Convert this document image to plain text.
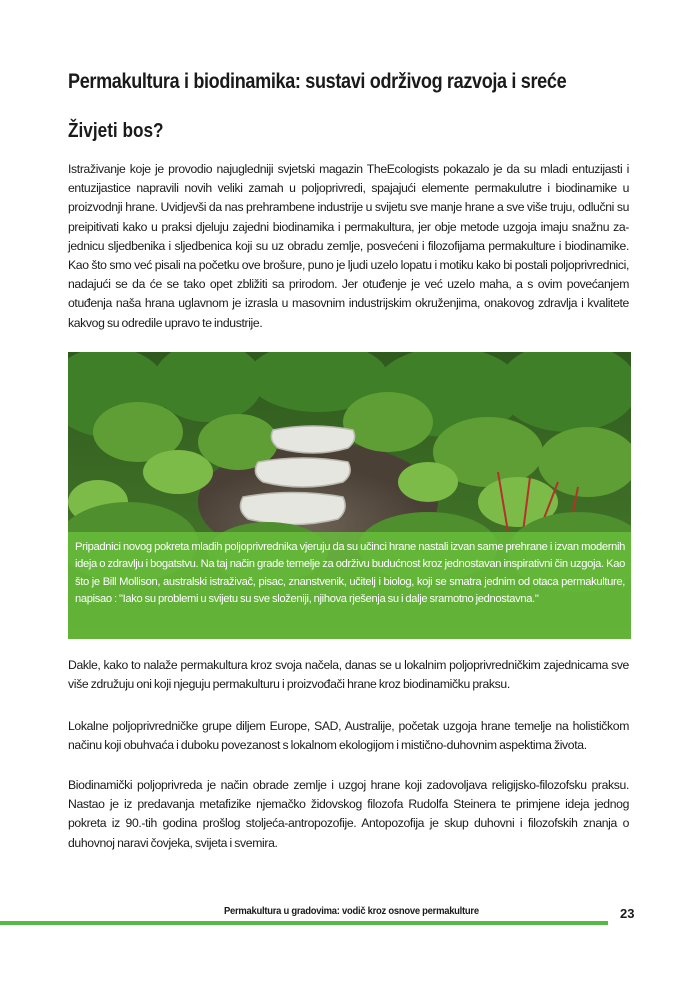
Permakultura i biodinamika: sustavi održivog razvoja i sreće
Živjeti bos?
Istraživanje koje je provodio najugledniji svjetski magazin TheEcologists pokazalo je da su mladi entuzijasti i entuzijastice napravili novih veliki zamah u poljoprivredi, spajajući elemente permakulutre i biodinamike u proizvodnji hrane. Uvidjevši da nas prehrambene industrije u svijetu sve manje hrane a sve više truju, odlučni su preipitivati kako u praksi djeluju zajedni biodinamika i permakultura, jer obje metode uzgoja imaju snažnu za-jednicu sljedbenika i sljedbenica koji su uz obradu zemlje, posvećeni i filozofijama permakulture i biodinamike. Kao što smo već pisali na početku ove brošure, puno je ljudi uzelo lopatu i motiku kako bi postali poljoprivrednici, nadajući se da će se tako opet zbližiti sa prirodom. Jer otuđenje je već uzelo maha, a s ovim povećanjem otuđenja naša hrana uglavnom je izrasla u masovnim industrijskim okruženjima, onakovog zdravlja i kvalitete kakvog su odredile upravo te industrije.
Pripadnici novog pokreta mladih poljoprivrednika vjeruju da su učinci hrane nastali izvan same prehrane i izvan modernih ideja o zdravlju i bogatstvu. Na taj način grade temelje za održivu budućnost kroz jednostavan inspirativni čin uzgoja. Kao što je Bill Mollison, australski istraživač, pisac, znanstvenik, učitelj i biolog, koji se smatra jednim od otaca permakulture, napisao : "Iako su problemi u svijetu su sve složeniji, njihova rješenja su i dalje sramotno jednostavna."
Dakle, kako to nalaže permakultura kroz svoja načela, danas se u lokalnim poljoprivredničkim zajednicama sve više združuju oni koji njeguju permakulturu i proizvođači hrane kroz biodinamičku praksu.
Lokalne poljoprivredničke grupe diljem Europe, SAD, Australije, početak uzgoja hrane temelje na holističkom načinu koji obuhvaća i duboku povezanost s lokalnom ekologijom i mistično-duhovnim aspektima života.
Biodinamički poljoprivreda je način obrade zemlje i uzgoj hrane koji zadovoljava religijsko-filozofsku praksu. Nastao je iz predavanja metafizike njemačko židovskog filozofa Rudolfa Steinera te primjene ideja jednog pokreta iz 90.-tih godina prošlog stoljeća-antropozofije. Antopozofija je skup duhovni i filozofskih znanja o duhovnoj naravi čovjeka, svijeta i svemira.
Permakultura u gradovima: vodič kroz osnove permakulture	23
